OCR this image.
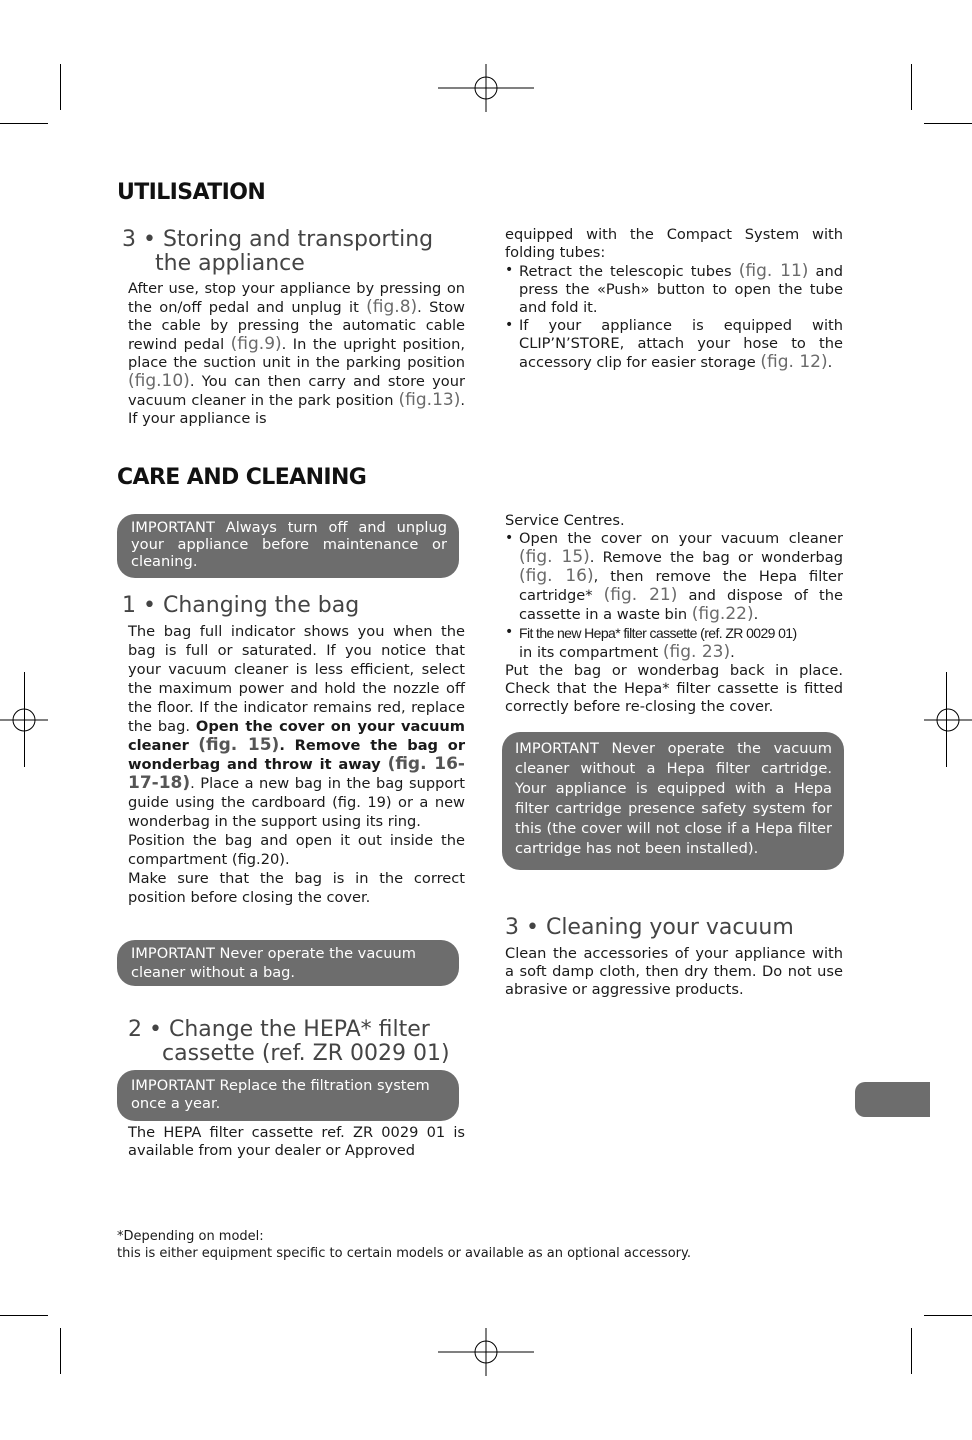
UTILISATION
3 • Storing and transporting
the appliance

After use, stop your appliance by pressing on the on/off pedal and unplug it (fig.8). Stow the cable by pressing the automatic cable rewind pedal (fig.9). In the upright position, place the suction unit in the parking position (fig.10). You can then carry and store your vacuum cleaner in the park position (fig.13). If your appliance is

equipped with the Compact System with folding tubes:

• Retract the telescopic tubes (fig. 11) and press the «Push» button to open the tube and fold it.
• If your appliance is equipped with CLIP’N’STORE, attach your hose to the accessory clip for easier storage (fig. 12).
CARE AND CLEANING
IMPORTANT Always turn off and unplug your appliance before maintenance or cleaning.
1 • Changing the bag

The bag full indicator shows you when the bag is full or saturated. If you notice that your vacuum cleaner is less efficient, select the maximum power and hold the nozzle off the floor. If the indicator remains red, replace the bag. Open the cover on your vacuum cleaner (fig. 15). Remove the bag or wonderbag and throw it away (fig. 16-17-18). Place a new bag in the bag support guide using the cardboard (fig. 19) or a new wonderbag in the support using its ring.

Position the bag and open it out inside the compartment (fig.20).

Make sure that the bag is in the correct position before closing the cover.

IMPORTANT Never operate the vacuum cleaner without a bag.
2 • Change the HEPA* filter
cassette (ref. ZR 0029 01)
IMPORTANT Replace the filtration system once a year.
The HEPA filter cassette ref. ZR 0029 01 is available from your dealer or Approved

Service Centres.

• Open the cover on your vacuum cleaner (fig. 15). Remove the bag or wonderbag (fig. 16), then remove the Hepa filter cartridge* (fig. 21) and dispose of the cassette in a waste bin (fig.22).
• Fit the new Hepa* filter cassette (ref. ZR 0029 01)
in its compartment (fig. 23).

Put the bag or wonderbag back in place. Check that the Hepa* filter cassette is fitted correctly before re-closing the cover.

IMPORTANT Never operate the vacuum cleaner without a Hepa filter cartridge. Your appliance is equipped with a Hepa filter cartridge presence safety system for this (the cover will not close if a Hepa filter cartridge has not been installed).
3 • Cleaning your vacuum
Clean the accessories of your appliance with a soft damp cloth, then dry them. Do not use abrasive or aggressive products.
*Depending on model:
this is either equipment specific to certain models or available as an optional accessory.
